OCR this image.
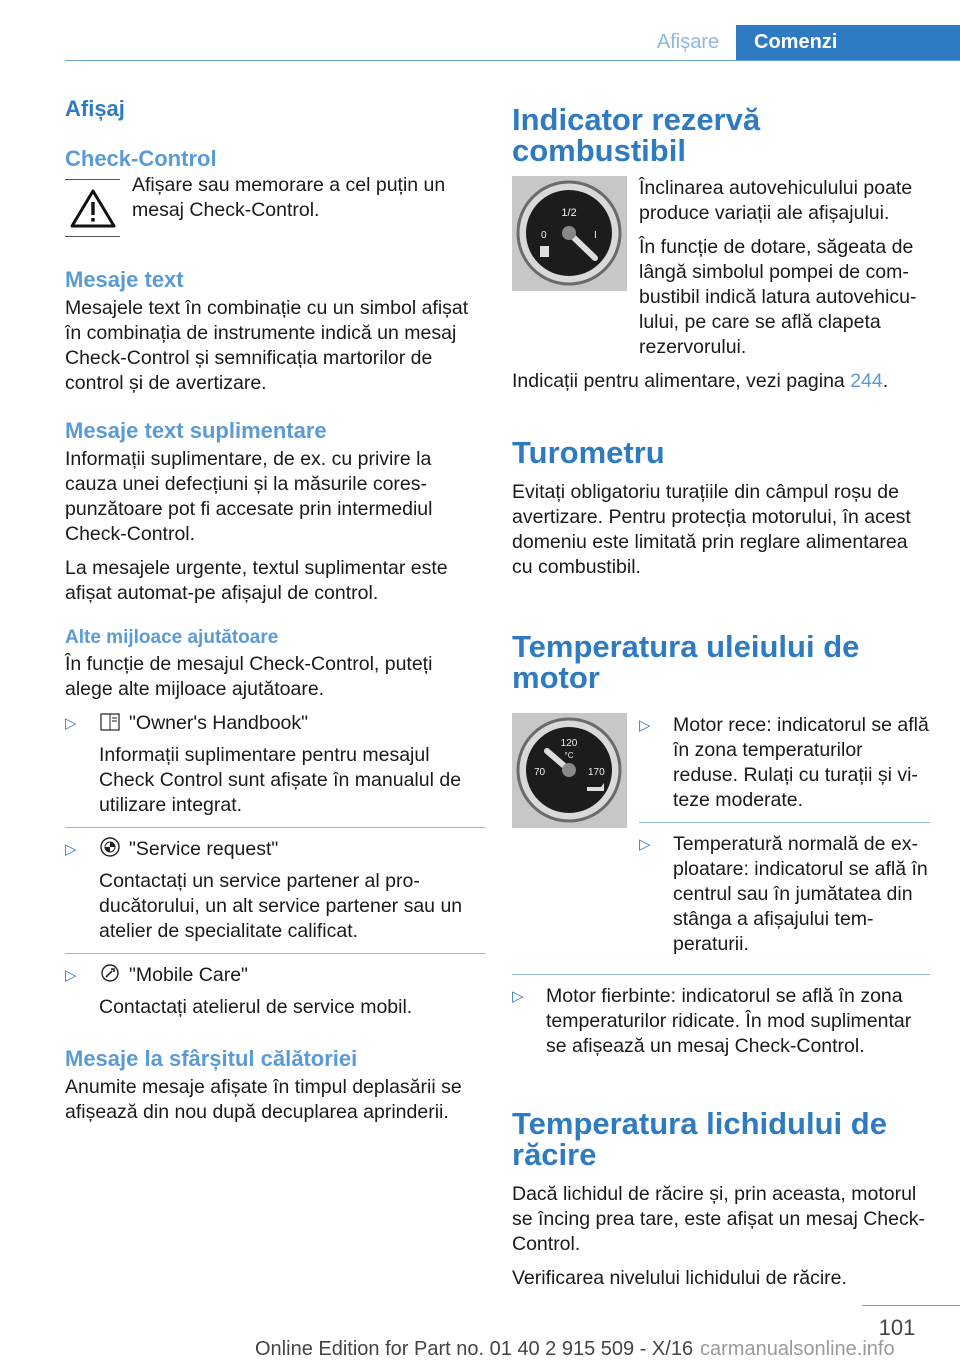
Afișare	Comenzi
Afișaj
Check-Control

Afișare sau memorare a cel puțin un mesaj Check-Control.

Mesaje text

Mesajele text în combinație cu un simbol afișat în combinația de instrumente indică un mesaj Check-Control și semnificația martorilor de control și de avertizare.

Mesaje text suplimentare

Informații suplimentare, de ex. cu privire la cauza unei defecțiuni și la măsurile cores- punzătoare pot fi accesate prin intermediul Check-Control.

La mesajele urgente, textul suplimentar este afișat automat-pe afișajul de control.

Alte mijloace ajutătoare

În funcție de mesajul Check-Control, puteți alege alte mijloace ajutătoare.

▷	"Owner's Handbook"

Informații suplimentare pentru mesajul Check Control sunt afișate în manualul de utilizare integrat.

▷	"Service request"

Contactați un service partener al pro- ducătorului, un alt service partener sau un atelier de specialitate calificat.

▷	"Mobile Care"

Contactați atelierul de service mobil.

Mesaje la sfârșitul călătoriei

Anumite mesaje afișate în timpul deplasării se afișează din nou după decuplarea aprinderii.

Indicator rezervă combustibil
1/2
0	I

Înclinarea autovehiculului poate produce variații ale afișajului.

În funcție de dotare, săgeata de lângă simbolul pompei de com- bustibil indică latura autovehicu- lului, pe care se află clapeta rezervorului.

Indicații pentru alimentare, vezi pagina 244.

Turometru

Evitați obligatoriu turațiile din câmpul roșu de avertizare. Pentru protecția motorului, în acest domeniu este limitată prin reglare alimentarea cu combustibil.

Temperatura uleiului de motor
120
°C
70	170
▷ Motor rece: indicatorul se află în zona temperaturilor reduse. Rulați cu turații și vi- teze moderate.

▷ Temperatură normală de ex- ploatare: indicatorul se află în centrul sau în jumătatea din stânga a afișajului tem- peraturii.

▷ Motor fierbinte: indicatorul se află în zona temperaturilor ridicate. În mod suplimentar se afișează un mesaj Check-Control.

Temperatura lichidului de răcire

Dacă lichidul de răcire și, prin aceasta, motorul se încing prea tare, este afișat un mesaj Check-Control.

Verificarea nivelului lichidului de răcire.

101
Online Edition for Part no. 01 40 2 915 509 - X/16 carmanualsonline.info
